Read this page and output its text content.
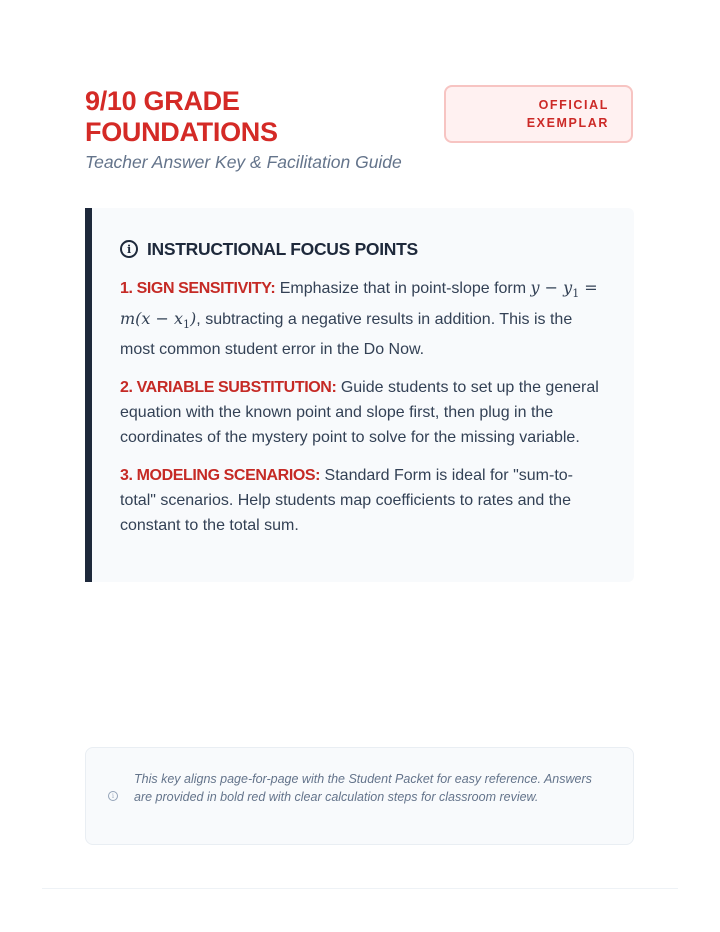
9/10 GRADE FOUNDATIONS
Teacher Answer Key & Facilitation Guide
OFFICIAL EXEMPLAR
i INSTRUCTIONAL FOCUS POINTS
1. SIGN SENSITIVITY: Emphasize that in point-slope form $y - y_1 = m(x - x_1)$, subtracting a negative results in addition. This is the most common student error in the Do Now.
2. VARIABLE SUBSTITUTION: Guide students to set up the general equation with the known point and slope first, then plug in the coordinates of the mystery point to solve for the missing variable.
3. MODELING SCENARIOS: Standard Form is ideal for "sum-to-total" scenarios. Help students map coefficients to rates and the constant to the total sum.
i
This key aligns page-for-page with the Student Packet for easy reference. Answers are provided in bold red with clear calculation steps for classroom review.
